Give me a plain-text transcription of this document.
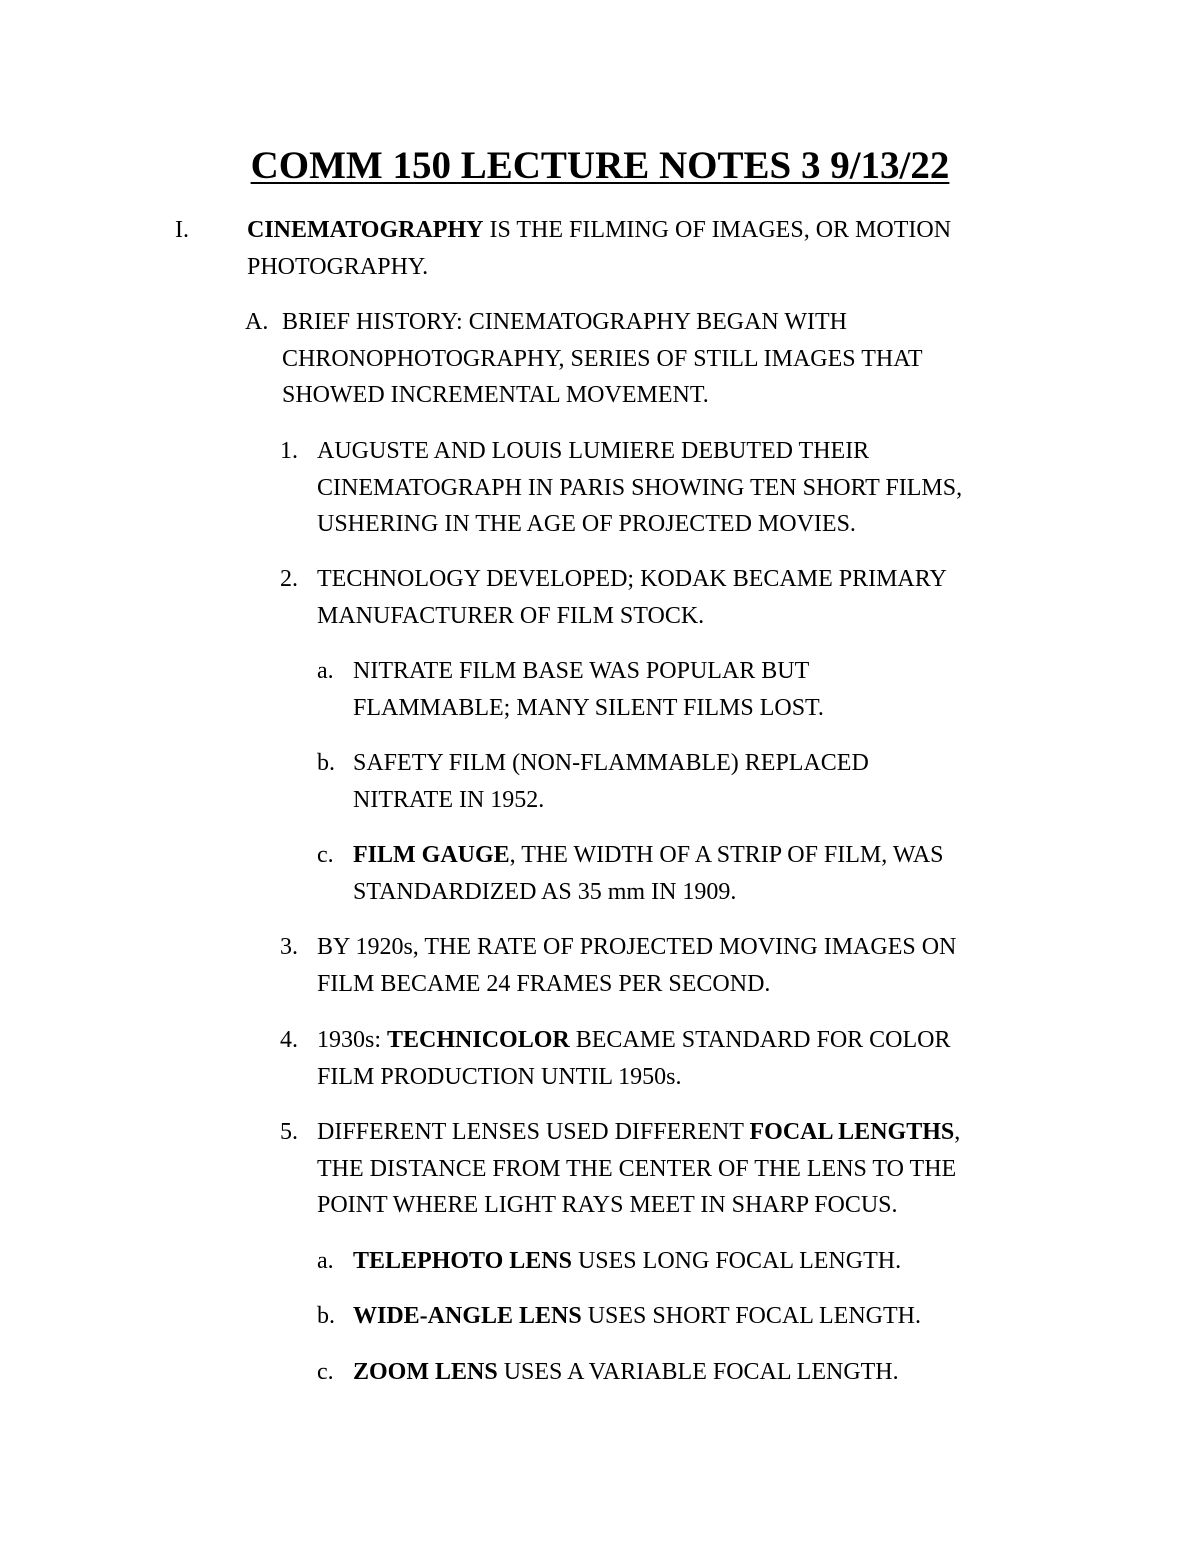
COMM 150 LECTURE NOTES 3 9/13/22
I. CINEMATOGRAPHY IS THE FILMING OF IMAGES, OR MOTION
PHOTOGRAPHY.
A. BRIEF HISTORY: CINEMATOGRAPHY BEGAN WITH
CHRONOPHOTOGRAPHY, SERIES OF STILL IMAGES THAT
SHOWED INCREMENTAL MOVEMENT.
1. AUGUSTE AND LOUIS LUMIERE DEBUTED THEIR
CINEMATOGRAPH IN PARIS SHOWING TEN SHORT FILMS,
USHERING IN THE AGE OF PROJECTED MOVIES.
2. TECHNOLOGY DEVELOPED; KODAK BECAME PRIMARY
MANUFACTURER OF FILM STOCK.
a. NITRATE FILM BASE WAS POPULAR BUT
FLAMMABLE; MANY SILENT FILMS LOST.
b. SAFETY FILM (NON-FLAMMABLE) REPLACED
NITRATE IN 1952.
c. FILM GAUGE, THE WIDTH OF A STRIP OF FILM, WAS
STANDARDIZED AS 35 mm IN 1909.
3. BY 1920s, THE RATE OF PROJECTED MOVING IMAGES ON
FILM BECAME 24 FRAMES PER SECOND.
4. 1930s: TECHNICOLOR BECAME STANDARD FOR COLOR
FILM PRODUCTION UNTIL 1950s.
5. DIFFERENT LENSES USED DIFFERENT FOCAL LENGTHS,
THE DISTANCE FROM THE CENTER OF THE LENS TO THE
POINT WHERE LIGHT RAYS MEET IN SHARP FOCUS.
a. TELEPHOTO LENS USES LONG FOCAL LENGTH.
b. WIDE-ANGLE LENS USES SHORT FOCAL LENGTH.
c. ZOOM LENS USES A VARIABLE FOCAL LENGTH.
